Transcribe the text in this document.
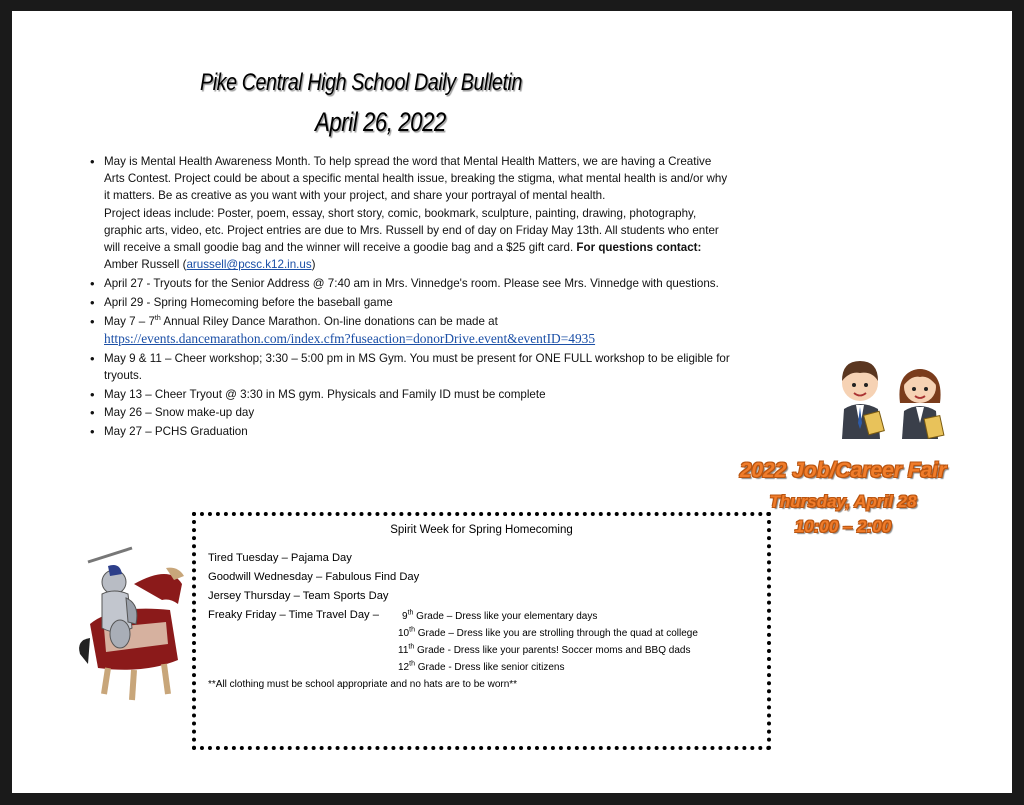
Pike Central High School Daily Bulletin
April 26, 2022
• May is Mental Health Awareness Month. To help spread the word that Mental Health Matters, we are having a Creative Arts Contest. Project could be about a specific mental health issue, breaking the stigma, what mental health is and/or why it matters. Be as creative as you want with your project, and share your portrayal of mental health.
Project ideas include: Poster, poem, essay, short story, comic, bookmark, sculpture, painting, drawing, photography, graphic arts, video, etc. Project entries are due to Mrs. Russell by end of day on Friday May 13th. All students who enter will receive a small goodie bag and the winner will receive a goodie bag and a $25 gift card. For questions contact: Amber Russell (arussell@pcsc.k12.in.us)
• April 27 - Tryouts for the Senior Address @ 7:40 am in Mrs. Vinnedge's room. Please see Mrs. Vinnedge with questions.
• April 29 - Spring Homecoming before the baseball game
• May 7 – 7th Annual Riley Dance Marathon. On-line donations can be made at
https://events.dancemarathon.com/index.cfm?fuseaction=donorDrive.event&eventID=4935
• May 9 & 11 – Cheer workshop; 3:30 – 5:00 pm in MS Gym. You must be present for ONE FULL workshop to be eligible for tryouts.
• May 13 – Cheer Tryout @ 3:30 in MS gym. Physicals and Family ID must be complete
• May 26 – Snow make-up day
• May 27 – PCHS Graduation
2022 Job/Career Fair
Thursday, April 28
10:00 – 2:00
Spirit Week for Spring Homecoming
Tired Tuesday – Pajama Day
Goodwill Wednesday – Fabulous Find Day
Jersey Thursday – Team Sports Day
Freaky Friday – Time Travel Day – 9th Grade – Dress like your elementary days
10th Grade – Dress like you are strolling through the quad at college
11th Grade - Dress like your parents! Soccer moms and BBQ dads
12th Grade - Dress like senior citizens
**All clothing must be school appropriate and no hats are to be worn**
